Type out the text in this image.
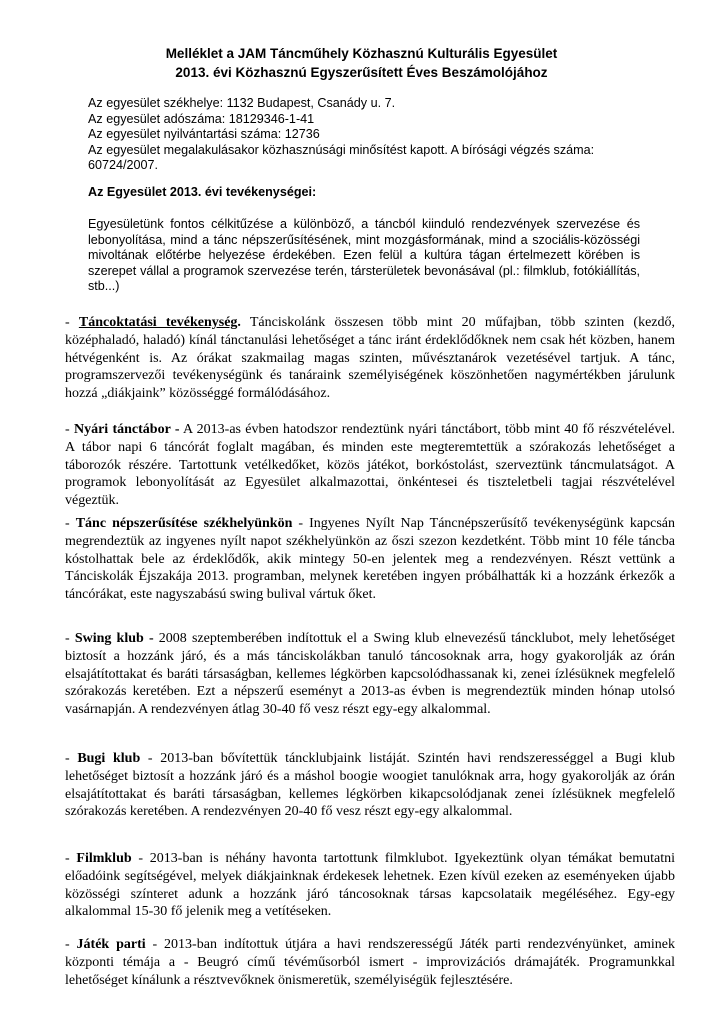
Melléklet a JAM Táncműhely Közhasznú Kulturális Egyesület
2013. évi Közhasznú Egyszerűsített Éves Beszámolójához
Az egyesület székhelye: 1132 Budapest, Csanády u. 7.
Az egyesület adószáma: 18129346-1-41
Az egyesület nyilvántartási száma: 12736
Az egyesület megalakulásakor közhasznúsági minősítést kapott. A bírósági végzés száma: 60724/2007.
Az Egyesület 2013. évi tevékenységei:
Egyesületünk fontos célkitűzése a különböző, a táncból kiinduló rendezvények szervezése és lebonyolítása, mind a tánc népszerűsítésének, mint mozgásformának, mind a szociális-közösségi mivoltának előtérbe helyezése érdekében. Ezen felül a kultúra tágan értelmezett körében is szerepet vállal a programok szervezése terén, társterületek bevonásával (pl.: filmklub, fotókiállítás, stb...)

- Táncoktatási tevékenység. Tánciskolánk összesen több mint 20 műfajban, több szinten (kezdő, középhaladó, haladó) kínál tánctanulási lehetőséget a tánc iránt érdeklődőknek nem csak hét közben, hanem hétvégenként is. Az órákat szakmailag magas szinten, művésztanárok vezetésével tartjuk. A tánc, programszervezői tevékenységünk és tanáraink személyiségének köszönhetően nagymértékben járulunk hozzá „diákjaink” közösséggé formálódásához.

- Nyári tánctábor - A 2013-as évben hatodszor rendeztünk nyári tánctábort, több mint 40 fő részvételével. A tábor napi 6 táncórát foglalt magában, és minden este megteremtettük a szórakozás lehetőséget a táborozók részére. Tartottunk vetélkedőket, közös játékot, borkóstolást, szerveztünk táncmulatságot. A programok lebonyolítását az Egyesület alkalmazottai, önkéntesei és tiszteletbeli tagjai részvételével végeztük.

- Tánc népszerűsítése székhelyünkön - Ingyenes Nyílt Nap Táncnépszerűsítő tevékenységünk kapcsán megrendeztük az ingyenes nyílt napot székhelyünkön az őszi szezon kezdetként. Több mint 10 féle táncba kóstolhattak bele az érdeklődők, akik mintegy 50-en jelentek meg a rendezvényen. Részt vettünk a Tánciskolák Éjszakája 2013. programban, melynek keretében ingyen próbálhatták ki a hozzánk érkezők a táncórákat, este nagyszabású swing bulival vártuk őket.

- Swing klub - 2008 szeptemberében indítottuk el a Swing klub elnevezésű táncklubot, mely lehetőséget biztosít a hozzánk járó, és a más tánciskolákban tanuló táncosoknak arra, hogy gyakorolják az órán elsajátítottakat és baráti társaságban, kellemes légkörben kapcsolódhassanak ki, zenei ízlésüknek megfelelő szórakozás keretében. Ezt a népszerű eseményt a 2013-as évben is megrendeztük minden hónap utolsó vasárnapján. A rendezvényen átlag 30-40 fő vesz részt egy-egy alkalommal.

- Bugi klub - 2013-ban bővítettük táncklubjaink listáját. Szintén havi rendszerességgel a Bugi klub lehetőséget biztosít a hozzánk járó és a máshol boogie woogiet tanulóknak arra, hogy gyakorolják az órán elsajátítottakat és baráti társaságban, kellemes légkörben kikapcsolódjanak zenei ízlésüknek megfelelő szórakozás keretében. A rendezvényen 20-40 fő vesz részt egy-egy alkalommal.

- Filmklub - 2013-ban is néhány havonta tartottunk filmklubot. Igyekeztünk olyan témákat bemutatni előadóink segítségével, melyek diákjainknak érdekesek lehetnek. Ezen kívül ezeken az eseményeken újabb közösségi színteret adunk a hozzánk járó táncosoknak társas kapcsolataik megéléséhez. Egy-egy alkalommal 15-30 fő jelenik meg a vetítéseken.

- Játék parti - 2013-ban indítottuk útjára a havi rendszerességű Játék parti rendezvényünket, aminek központi témája a - Beugró című tévéműsorból ismert - improvizációs drámajáték. Programunkkal lehetőséget kínálunk a résztvevőknek önismeretük, személyiségük fejlesztésére.
